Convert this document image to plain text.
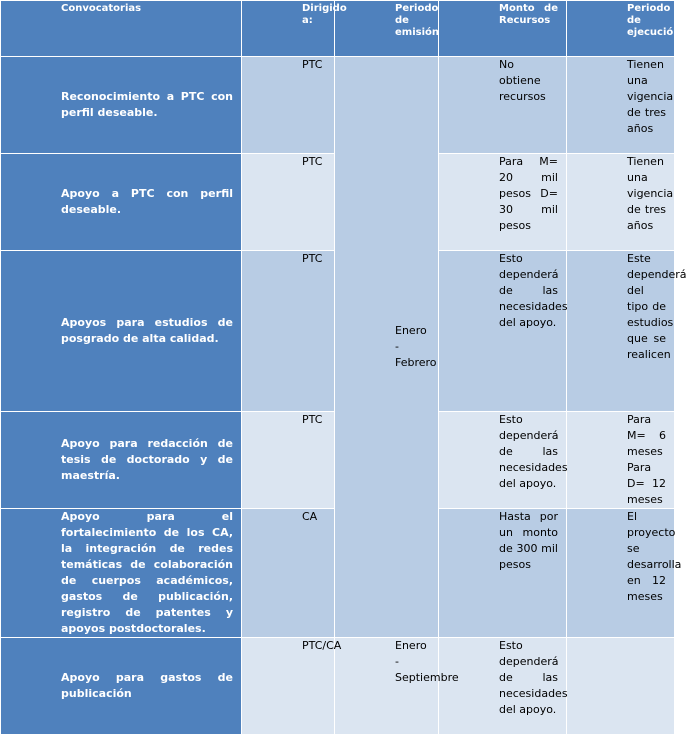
Convocatorias	Dirigido a:	Periodo de emisión	Monto de Recursos	Periodo de ejecución

Reconocimiento a PTC con perfil deseable.	PTC	Enero - Febrero	No obtiene recursos	Tienen una vigencia de tres años

Apoyo a PTC con perfil deseable.	PTC		Para M= 20 mil pesos D= 30 mil pesos	Tienen una vigencia de tres años

Apoyos para estudios de posgrado de alta calidad.	PTC		Esto dependerá de las necesidades del apoyo.	Este dependerá del tipo de estudios que se realicen

Apoyo para redacción de tesis de doctorado y de maestría.	PTC		Esto dependerá de las necesidades del apoyo.	Para M= 6 meses Para D= 12 meses

Apoyo para el fortalecimiento de los CA, la integración de redes temáticas de colaboración de cuerpos académicos, gastos de publicación, registro de patentes y apoyos postdoctorales.	CA		Hasta por un monto de 300 mil pesos	El proyecto se desarrolla en 12 meses

Apoyo para gastos de publicación	PTC/CA	Enero - Septiembre	Esto dependerá de las necesidades del apoyo.	
